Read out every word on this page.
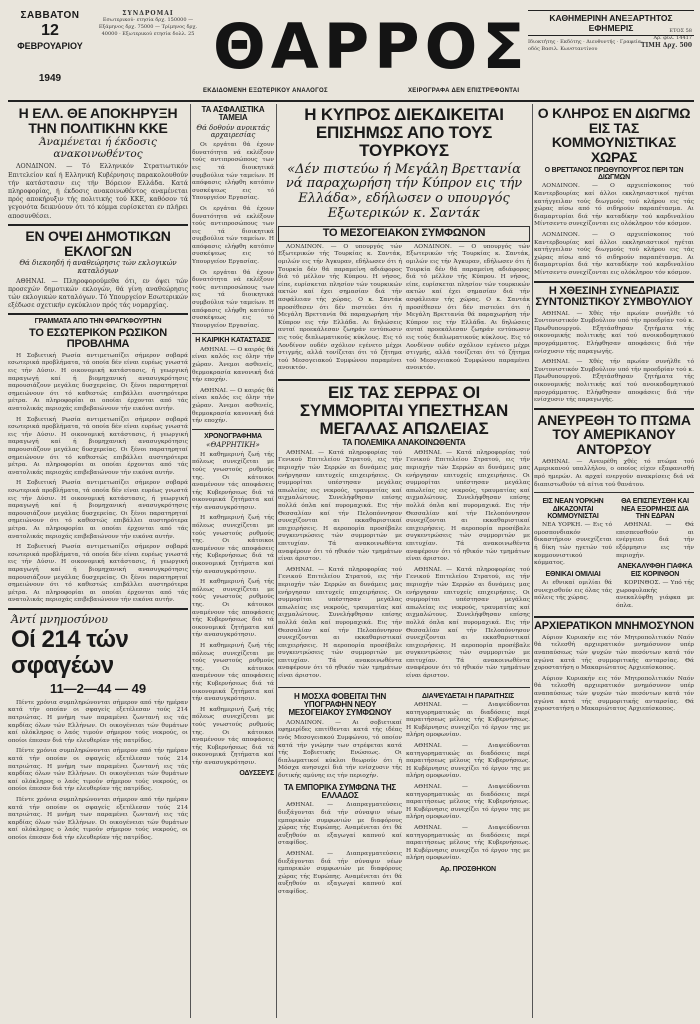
ΣΑΒΒΑΤΟΝ
12
ΦΕΒΡΟΥΑΡΙΟΥ
1949
ΣΥΝΔΡΟΜΑΙ
Εσωτερικού· ετησία δρχ. 150000 — Εξάμηνος δρχ. 75000 — Τρίμηνος δρχ. 40000 · Εξωτερικού ετησία δολλ. 25 ΘΑΡΡΟΣ
ΕΚΔΙΔΟΜΕΝΗ ΕΞΩΤΕΡΙΚΟΥ ΑΝΑΛΟΓΟΣ	ΧΕΙΡΟΓΡΑΦΑ ΔΕΝ ΕΠΙΣΤΡΕΦΟΝΤΑΙ
ΚΑΘΗΜΕΡΙΝΗ ΑΝΕΞΑΡΤΗΤΟΣ ΕΦΗΜΕΡΙΣ
Ιδιοκτήτης · Εκδότης · Διευθυντής · Γραφεία: οδός Βασιλ. Κωνσταντίνου
ΕΤΟΣ 58
Αρ. φύλ. 14417
ΤΙΜΗ Δρχ. 500
Η ΕΛΛ. ΘΕ ΑΠΟΚΗΡΥΞΗ ΤΗΝ ΠΟΛΙΤΙΚΗΝ ΚΚΕ
Άναμένεται ή έκδοσις ανακοινωθέντος

ΛΟΝΔΙΝΟΝ. — Τό Ελληνικόν Στρατιωτικόν Επιτελείον καί ή Ελληνική Κυβέρνησις παρακολουθούν τήν κατάστασιν εις τήν Βόρειον Ελλάδα. Κατά πληροφορίας, ή έκδοσις ανακοινωθέντος αναμένεται πρός αποκήρυξιν τής πολιτικής τού ΚΚΕ, καθόσον τά γεγονότα δεικνύουν ότι τό κόμμα ευρίσκεται εν πλήρει αποσυνθέσει.

ΕΝ ΟΨΕΙ ΔΗΜΟΤΙΚΩΝ ΕΚΛΟΓΩΝ
Θά διεκοηδή ή αναθεώρησις τών εκλογικών καταλόγων

ΑΘΗΝΑΙ. — Πληροφορούμεθα ότι, εν όψει τών προσεχών δημοτικών εκλογών, θά γίνη αναθεώρησις τών εκλογικών καταλόγων. Τό Υπουργείον Εσωτερικών εξέδωσε σχετικήν εγκύκλιον πρός τάς νομαρχίας.

ΓΡΑΜΜΑΤΑ ΑΠΟ ΤΗΝ ΦΡΑΓΚΦΟΥΡΤΗΝ
ΤΟ ΕΣΩΤΕΡΙΚΟΝ ΡΩΣΙΚΟΝ ΠΡΟΒΛΗΜΑ

Η Σοβιετική Ρωσία αντιμετωπίζει σήμερον σοβαρά εσωτερικά προβλήματα, τά οποία δέν είναι ευρέως γνωστά εις τήν Δύσιν. Η οικονομική κατάστασις, ή γεωργική παραγωγή καί ή βιομηχανική ανασυγκρότησις παρουσιάζουν μεγάλας δυσχερείας. Οι ξένοι παρατηρηταί σημειώνουν ότι τό καθεστώς επιβάλλει αυστηρότερα μέτρα. Αι πληροφορίαι αι οποίαι έρχονται από τάς ανατολικάς περιοχάς επιβεβαιώνουν τήν εικόνα αυτήν.

Η Σοβιετική Ρωσία αντιμετωπίζει σήμερον σοβαρά εσωτερικά προβλήματα, τά οποία δέν είναι ευρέως γνωστά εις τήν Δύσιν. Η οικονομική κατάστασις, ή γεωργική παραγωγή καί ή βιομηχανική ανασυγκρότησις παρουσιάζουν μεγάλας δυσχερείας. Οι ξένοι παρατηρηταί σημειώνουν ότι τό καθεστώς επιβάλλει αυστηρότερα μέτρα. Αι πληροφορίαι αι οποίαι έρχονται από τάς ανατολικάς περιοχάς επιβεβαιώνουν τήν εικόνα αυτήν.

Η Σοβιετική Ρωσία αντιμετωπίζει σήμερον σοβαρά εσωτερικά προβλήματα, τά οποία δέν είναι ευρέως γνωστά εις τήν Δύσιν. Η οικονομική κατάστασις, ή γεωργική παραγωγή καί ή βιομηχανική ανασυγκρότησις παρουσιάζουν μεγάλας δυσχερείας. Οι ξένοι παρατηρηταί σημειώνουν ότι τό καθεστώς επιβάλλει αυστηρότερα μέτρα. Αι πληροφορίαι αι οποίαι έρχονται από τάς ανατολικάς περιοχάς επιβεβαιώνουν τήν εικόνα αυτήν.

Η Σοβιετική Ρωσία αντιμετωπίζει σήμερον σοβαρά εσωτερικά προβλήματα, τά οποία δέν είναι ευρέως γνωστά εις τήν Δύσιν. Η οικονομική κατάστασις, ή γεωργική παραγωγή καί ή βιομηχανική ανασυγκρότησις παρουσιάζουν μεγάλας δυσχερείας. Οι ξένοι παρατηρηταί σημειώνουν ότι τό καθεστώς επιβάλλει αυστηρότερα μέτρα. Αι πληροφορίαι αι οποίαι έρχονται από τάς ανατολικάς περιοχάς επιβεβαιώνουν τήν εικόνα αυτήν.

Άντί μνημοσύνου
Οί 214 τών σφαγέων
11—2—44 — 49

Πέντε χρόνια συμπληρώνονται σήμερον από τήν ημέραν κατά τήν οποίαν οι σφαγείς εξετέλεσαν τούς 214 πατριώτας. Η μνήμη των παραμένει ζωντανή εις τάς καρδίας όλων τών Ελλήνων. Οι οικογένειαι τών θυμάτων καί ολόκληρος ο λαός τιμούν σήμερον τούς νεκρούς, οι οποίοι έπεσαν διά τήν ελευθερίαν τής πατρίδος.

Πέντε χρόνια συμπληρώνονται σήμερον από τήν ημέραν κατά τήν οποίαν οι σφαγείς εξετέλεσαν τούς 214 πατριώτας. Η μνήμη των παραμένει ζωντανή εις τάς καρδίας όλων τών Ελλήνων. Οι οικογένειαι τών θυμάτων καί ολόκληρος ο λαός τιμούν σήμερον τούς νεκρούς, οι οποίοι έπεσαν διά τήν ελευθερίαν τής πατρίδος.

Πέντε χρόνια συμπληρώνονται σήμερον από τήν ημέραν κατά τήν οποίαν οι σφαγείς εξετέλεσαν τούς 214 πατριώτας. Η μνήμη των παραμένει ζωντανή εις τάς καρδίας όλων τών Ελλήνων. Οι οικογένειαι τών θυμάτων καί ολόκληρος ο λαός τιμούν σήμερον τούς νεκρούς, οι οποίοι έπεσαν διά τήν ελευθερίαν τής πατρίδος.

ΤΑ ΑΣΦΑΛΙΣΤΙΚΑ ΤΑΜΕΙΑ
Θά δοθούν ανοικτάς αρχαιρεσίας

Οι εργάται θά έχουν δυνατότητα νά εκλέξουν τούς αντιπροσώπους των εις τά διοικητικά συμβούλια τών ταμείων. Η απόφασις ελήφθη κατόπιν συσκέψεως εις τό Υπουργείον Εργασίας.

Οι εργάται θά έχουν δυνατότητα νά εκλέξουν τούς αντιπροσώπους των εις τά διοικητικά συμβούλια τών ταμείων. Η απόφασις ελήφθη κατόπιν συσκέψεως εις τό Υπουργείον Εργασίας.

Οι εργάται θά έχουν δυνατότητα νά εκλέξουν τούς αντιπροσώπους των εις τά διοικητικά συμβούλια τών ταμείων. Η απόφασις ελήφθη κατόπιν συσκέψεως εις τό Υπουργείον Εργασίας.

Η ΚΑΙΡΙΚΗ ΚΑΤΑΣΤΑΣΙΣ

ΑΘΗΝΑΙ. — Ο καιρός θά είναι καλός εις όλην τήν χώραν. Άνεμοι ασθενείς, θερμοκρασία κανονική διά τήν εποχήν.

ΑΘΗΝΑΙ. — Ο καιρός θά είναι καλός εις όλην τήν χώραν. Άνεμοι ασθενείς, θερμοκρασία κανονική διά τήν εποχήν.

ΧΡΟΝΟΓΡΑΦΗΜΑ
«ΘΑΡΡΗΤΙΚΗ»

Η καθημερινή ζωή τής πόλεως συνεχίζεται με τούς γνωστούς ρυθμούς της. Οι κάτοικοι αναμένουν τάς αποφάσεις τής Κυβερνήσεως διά τά οικονομικά ζητήματα καί τήν ανασυγκρότησιν.

Η καθημερινή ζωή τής πόλεως συνεχίζεται με τούς γνωστούς ρυθμούς της. Οι κάτοικοι αναμένουν τάς αποφάσεις τής Κυβερνήσεως διά τά οικονομικά ζητήματα καί τήν ανασυγκρότησιν.

Η καθημερινή ζωή τής πόλεως συνεχίζεται με τούς γνωστούς ρυθμούς της. Οι κάτοικοι αναμένουν τάς αποφάσεις τής Κυβερνήσεως διά τά οικονομικά ζητήματα καί τήν ανασυγκρότησιν.

Η καθημερινή ζωή τής πόλεως συνεχίζεται με τούς γνωστούς ρυθμούς της. Οι κάτοικοι αναμένουν τάς αποφάσεις τής Κυβερνήσεως διά τά οικονομικά ζητήματα καί τήν ανασυγκρότησιν.

Η καθημερινή ζωή τής πόλεως συνεχίζεται με τούς γνωστούς ρυθμούς της. Οι κάτοικοι αναμένουν τάς αποφάσεις τής Κυβερνήσεως διά τά οικονομικά ζητήματα καί τήν ανασυγκρότησιν.

ΟΔΥΣΣΕΥΣ
Η ΚΥΠΡΟΣ ΔΙΕΚΔΙΚΕΙΤΑΙ ΕΠΙΣΗΜΩΣ ΑΠΟ ΤΟΥΣ ΤΟΥΡΚΟΥΣ
«Δέν πιστεύω ή Μεγάλη Βρεττανία νά παραχωρήση τήν Κύπρον εις τήν Ελλάδα», εδήλωσεν ο υπουργός Εξωτερικών κ. Σαντάκ
ΤΟ ΜΕΣΟΓΕΙΑΚΟΝ ΣΥΜΦΩΝΟΝ

ΛΟΝΔΙΝΟΝ. — Ο υπουργός τών Εξωτερικών τής Τουρκίας κ. Σαντάκ, ομιλών εις τήν Άγκυραν, εδήλωσεν ότι ή Τουρκία δέν θά παραμείνη αδιάφορος διά τό μέλλον τής Κύπρου. Η νήσος, είπε, ευρίσκεται πλησίον τών τουρκικών ακτών καί έχει σημασίαν διά τήν ασφάλειαν τής χώρας. Ο κ. Σαντάκ προσέθεσεν ότι δέν πιστεύει ότι ή Μεγάλη Βρεττανία θά παραχωρήση τήν Κύπρον εις τήν Ελλάδα. Αι δηλώσεις αυταί προεκάλεσαν ζωηράν εντύπωσιν εις τούς διπλωματικούς κύκλους. Εις τό Λονδίνον ουδέν σχόλιον εγένετο μέχρι στιγμής, αλλά τονίζεται ότι τό ζήτημα τού Μεσογειακού Συμφώνου παραμένει ανοικτόν.

ΛΟΝΔΙΝΟΝ. — Ο υπουργός τών Εξωτερικών τής Τουρκίας κ. Σαντάκ, ομιλών εις τήν Άγκυραν, εδήλωσεν ότι ή Τουρκία δέν θά παραμείνη αδιάφορος διά τό μέλλον τής Κύπρου. Η νήσος, είπε, ευρίσκεται πλησίον τών τουρκικών ακτών καί έχει σημασίαν διά τήν ασφάλειαν τής χώρας. Ο κ. Σαντάκ προσέθεσεν ότι δέν πιστεύει ότι ή Μεγάλη Βρεττανία θά παραχωρήση τήν Κύπρον εις τήν Ελλάδα. Αι δηλώσεις αυταί προεκάλεσαν ζωηράν εντύπωσιν εις τούς διπλωματικούς κύκλους. Εις τό Λονδίνον ουδέν σχόλιον εγένετο μέχρι στιγμής, αλλά τονίζεται ότι τό ζήτημα τού Μεσογειακού Συμφώνου παραμένει ανοικτόν.

ΕΙΣ ΤΑΣ ΣΕΡΡΑΣ ΟΙ ΣΥΜΜΟΡΙΤΑΙ ΥΠΕΣΤΗΣΑΝ ΜΕΓΑΛΑΣ ΑΠΩΛΕΙΑΣ
ΤΑ ΠΟΛΕΜΙΚΑ ΑΝΑΚΟΙΝΩΘΕΝΤΑ

ΑΘΗΝΑΙ. — Κατά πληροφορίας τού Γενικού Επιτελείου Στρατού, εις τήν περιοχήν τών Σερρών αι δυνάμεις μας ενήργησαν επιτυχείς επιχειρήσεις. Οι συμμορίται υπέστησαν μεγάλας απωλείας εις νεκρούς, τραυματίας καί αιχμαλώτους. Συνελήφθησαν επίσης πολλά όπλα καί πυρομαχικά. Εις τήν Θεσσαλίαν καί τήν Πελοπόννησον συνεχίζονται αι εκκαθαριστικαί επιχειρήσεις. Η αεροπορία προσέβαλε συγκεντρώσεις τών συμμοριτών με επιτυχίαν. Τά ανακοινωθέντα αναφέρουν ότι τό ηθικόν τών τμημάτων είναι άριστον.

ΑΘΗΝΑΙ. — Κατά πληροφορίας τού Γενικού Επιτελείου Στρατού, εις τήν περιοχήν τών Σερρών αι δυνάμεις μας ενήργησαν επιτυχείς επιχειρήσεις. Οι συμμορίται υπέστησαν μεγάλας απωλείας εις νεκρούς, τραυματίας καί αιχμαλώτους. Συνελήφθησαν επίσης πολλά όπλα καί πυρομαχικά. Εις τήν Θεσσαλίαν καί τήν Πελοπόννησον συνεχίζονται αι εκκαθαριστικαί επιχειρήσεις. Η αεροπορία προσέβαλε συγκεντρώσεις τών συμμοριτών με επιτυχίαν. Τά ανακοινωθέντα αναφέρουν ότι τό ηθικόν τών τμημάτων είναι άριστον.

ΑΘΗΝΑΙ. — Κατά πληροφορίας τού Γενικού Επιτελείου Στρατού, εις τήν περιοχήν τών Σερρών αι δυνάμεις μας ενήργησαν επιτυχείς επιχειρήσεις. Οι συμμορίται υπέστησαν μεγάλας απωλείας εις νεκρούς, τραυματίας καί αιχμαλώτους. Συνελήφθησαν επίσης πολλά όπλα καί πυρομαχικά. Εις τήν Θεσσαλίαν καί τήν Πελοπόννησον συνεχίζονται αι εκκαθαριστικαί επιχειρήσεις. Η αεροπορία προσέβαλε συγκεντρώσεις τών συμμοριτών με επιτυχίαν. Τά ανακοινωθέντα αναφέρουν ότι τό ηθικόν τών τμημάτων είναι άριστον.

ΑΘΗΝΑΙ. — Κατά πληροφορίας τού Γενικού Επιτελείου Στρατού, εις τήν περιοχήν τών Σερρών αι δυνάμεις μας ενήργησαν επιτυχείς επιχειρήσεις. Οι συμμορίται υπέστησαν μεγάλας απωλείας εις νεκρούς, τραυματίας καί αιχμαλώτους. Συνελήφθησαν επίσης πολλά όπλα καί πυρομαχικά. Εις τήν Θεσσαλίαν καί τήν Πελοπόννησον συνεχίζονται αι εκκαθαριστικαί επιχειρήσεις. Η αεροπορία προσέβαλε συγκεντρώσεις τών συμμοριτών με επιτυχίαν. Τά ανακοινωθέντα αναφέρουν ότι τό ηθικόν τών τμημάτων είναι άριστον.

Η ΜΟΣΧΑ ΦΟΒΕΙΤΑΙ ΤΗΝ ΥΠΟΓΡΑΦΗΝ ΝΕΟΥ ΜΕΣΟΓΕΙΑΚΟΥ ΣΥΜΦΩΝΟΥ

ΛΟΝΔΙΝΟΝ. — Αι σοβιετικαί εφημερίδες επιτίθενται κατά τής ιδέας ενός Μεσογειακού Συμφώνου, τό οποίον κατά τήν γνώμην των στρέφεται κατά τής Σοβιετικής Ενώσεως. Οι διπλωματικοί κύκλοι θεωρούν ότι ή Μόσχα ανησυχεί διά τήν ενίσχυσιν τής δυτικής αμύνης εις τήν περιοχήν.

ΤΑ ΕΜΠΟΡΙΚΑ ΣΥΜΦΩΝΑ ΤΗΣ ΕΛΛΑΔΟΣ

ΑΘΗΝΑΙ. — Διαπραγματεύσεις διεξάγονται διά τήν σύναψιν νέων εμπορικών συμφωνιών με διαφόρους χώρας τής Ευρώπης. Αναμένεται ότι θά αυξηθούν αι εξαγωγαί καπνού καί σταφίδος.

ΑΘΗΝΑΙ. — Διαπραγματεύσεις διεξάγονται διά τήν σύναψιν νέων εμπορικών συμφωνιών με διαφόρους χώρας τής Ευρώπης. Αναμένεται ότι θά αυξηθούν αι εξαγωγαί καπνού καί σταφίδος.

ΔΙΑΨΕΥΔΕΤΑΙ Η ΠΑΡΑΙΤΗΣΙΣ

ΑΘΗΝΑΙ. — Διαψεύδονται κατηγορηματικώς αι διαδόσεις περί παραιτήσεως μέλους τής Κυβερνήσεως. Η Κυβέρνησις συνεχίζει τό έργον της με πλήρη ομοφωνίαν.

ΑΘΗΝΑΙ. — Διαψεύδονται κατηγορηματικώς αι διαδόσεις περί παραιτήσεως μέλους τής Κυβερνήσεως. Η Κυβέρνησις συνεχίζει τό έργον της με πλήρη ομοφωνίαν.

ΑΘΗΝΑΙ. — Διαψεύδονται κατηγορηματικώς αι διαδόσεις περί παραιτήσεως μέλους τής Κυβερνήσεως. Η Κυβέρνησις συνεχίζει τό έργον της με πλήρη ομοφωνίαν.

ΑΘΗΝΑΙ. — Διαψεύδονται κατηγορηματικώς αι διαδόσεις περί παραιτήσεως μέλους τής Κυβερνήσεως. Η Κυβέρνησις συνεχίζει τό έργον της με πλήρη ομοφωνίαν.

Αρ. ΠΡΟΣΘΗΚΟΝ
Ο ΚΛΗΡΟΣ ΕΝ ΔΙΩΓΜΩ ΕΙΣ ΤΑΣ ΚΟΜΜΟΥΝΙΣΤΙΚΑΣ ΧΩΡΑΣ
Ο ΒΡΕΤΤΑΝΟΣ ΠΡΩΘΥΠΟΥΡΓΟΣ ΠΕΡΙ ΤΩΝ ΔΙΩΓΜΩΝ

ΛΟΝΔΙΝΟΝ. — Ο αρχιεπίσκοπος τού Καντερβουρίας καί άλλοι εκκλησιαστικοί ηγέται κατήγγειλαν τούς διωγμούς τού κλήρου εις τάς χώρας πίσω από τό σιδηρούν παραπέτασμα. Αι διαμαρτυρίαι διά τήν καταδίκην τού καρδιναλίου Μίντσεντυ συνεχίζονται εις ολόκληρον τόν κόσμον.

ΛΟΝΔΙΝΟΝ. — Ο αρχιεπίσκοπος τού Καντερβουρίας καί άλλοι εκκλησιαστικοί ηγέται κατήγγειλαν τούς διωγμούς τού κλήρου εις τάς χώρας πίσω από τό σιδηρούν παραπέτασμα. Αι διαμαρτυρίαι διά τήν καταδίκην τού καρδιναλίου Μίντσεντυ συνεχίζονται εις ολόκληρον τόν κόσμον.

Η ΧΘΕΣΙΝΗ ΣΥΝΕΔΡΙΑΣΙΣ ΣΥΝΤΟΝΙΣΤΙΚΟΥ ΣΥΜΒΟΥΛΙΟΥ

ΑΘΗΝΑΙ. — Χθές τήν πρωίαν συνήλθε τό Συντονιστικόν Συμβούλιον υπό τήν προεδρίαν τού κ. Πρωθυπουργού. Εξητάσθησαν ζητήματα τής οικονομικής πολιτικής καί τού ανοικοδομητικού προγράμματος. Ελήφθησαν αποφάσεις διά τήν ενίσχυσιν τής παραγωγής.

ΑΘΗΝΑΙ. — Χθές τήν πρωίαν συνήλθε τό Συντονιστικόν Συμβούλιον υπό τήν προεδρίαν τού κ. Πρωθυπουργού. Εξητάσθησαν ζητήματα τής οικονομικής πολιτικής καί τού ανοικοδομητικού προγράμματος. Ελήφθησαν αποφάσεις διά τήν ενίσχυσιν τής παραγωγής.

ΑΝΕΥΡΕΘΗ ΤΟ ΠΤΩΜΑ ΤΟΥ ΑΜΕΡΙΚΑΝΟΥ ΑΝΤΟΡΣΟΥ

ΑΘΗΝΑΙ. — Ανευρέθη χθές τό πτώμα τού Αμερικανού υπαλλήλου, ο οποίος είχεν εξαφανισθή πρό ημερών. Αι αρχαί ενεργούν ανακρίσεις διά νά διαπιστωθούν τά αίτια τού θανάτου.

ΕΙΣ ΝΕΑΝ ΥΟΡΚΗΝ ΔΙΚΑΖΟΝΤΑΙ ΚΟΜΜΟΥΝΙΣΤΑΙ

ΝΕΑ ΥΟΡΚΗ. — Εις τό ομοσπονδιακόν δικαστήριον συνεχίζεται ή δίκη τών ηγετών τού κομμουνιστικού κόμματος.

ΕΘΝΙΚΑΙ ΟΜΙΛΙΑΙ

Αι εθνικαί ομιλίαι θά συνεχισθούν εις όλας τάς πόλεις τής χώρας.

ΘΑ ΕΠΙΣΠΕΥΣΘΗ ΚΑΙ ΝΕΑ ΕΞΟΡΜΗΣΙΣ ΔΙΑ ΤΗΝ ΕΔΡΑΝ

ΑΘΗΝΑΙ. — Θά επισπευσθούν αι ενέργειαι διά τήν εξόρμησιν εις τήν περιοχήν.

ΑΝΕΚΑΛΥΦΘΗ ΓΙΑΦΚΑ ΕΙΣ ΚΟΡΙΝΘΟΝ

ΚΟΡΙΝΘΟΣ. — Υπό τής χωροφυλακής ανεκαλύφθη γιάφκα με όπλα.

ΑΡΧΙΕΡΑΤΙΚΟΝ ΜΝΗΜΟΣΥΝΟΝ

Αύριον Κυριακήν εις τόν Μητροπολιτικόν Ναόν θά τελεσθή αρχιερατικόν μνημόσυνον υπέρ αναπαύσεως τών ψυχών τών πεσόντων κατά τόν αγώνα κατά τής συμμοριτικής ανταρσίας. Θά χοροστατήση ο Μακαριώτατος Αρχιεπίσκοπος.

Αύριον Κυριακήν εις τόν Μητροπολιτικόν Ναόν θά τελεσθή αρχιερατικόν μνημόσυνον υπέρ αναπαύσεως τών ψυχών τών πεσόντων κατά τόν αγώνα κατά τής συμμοριτικής ανταρσίας. Θά χοροστατήση ο Μακαριώτατος Αρχιεπίσκοπος.
